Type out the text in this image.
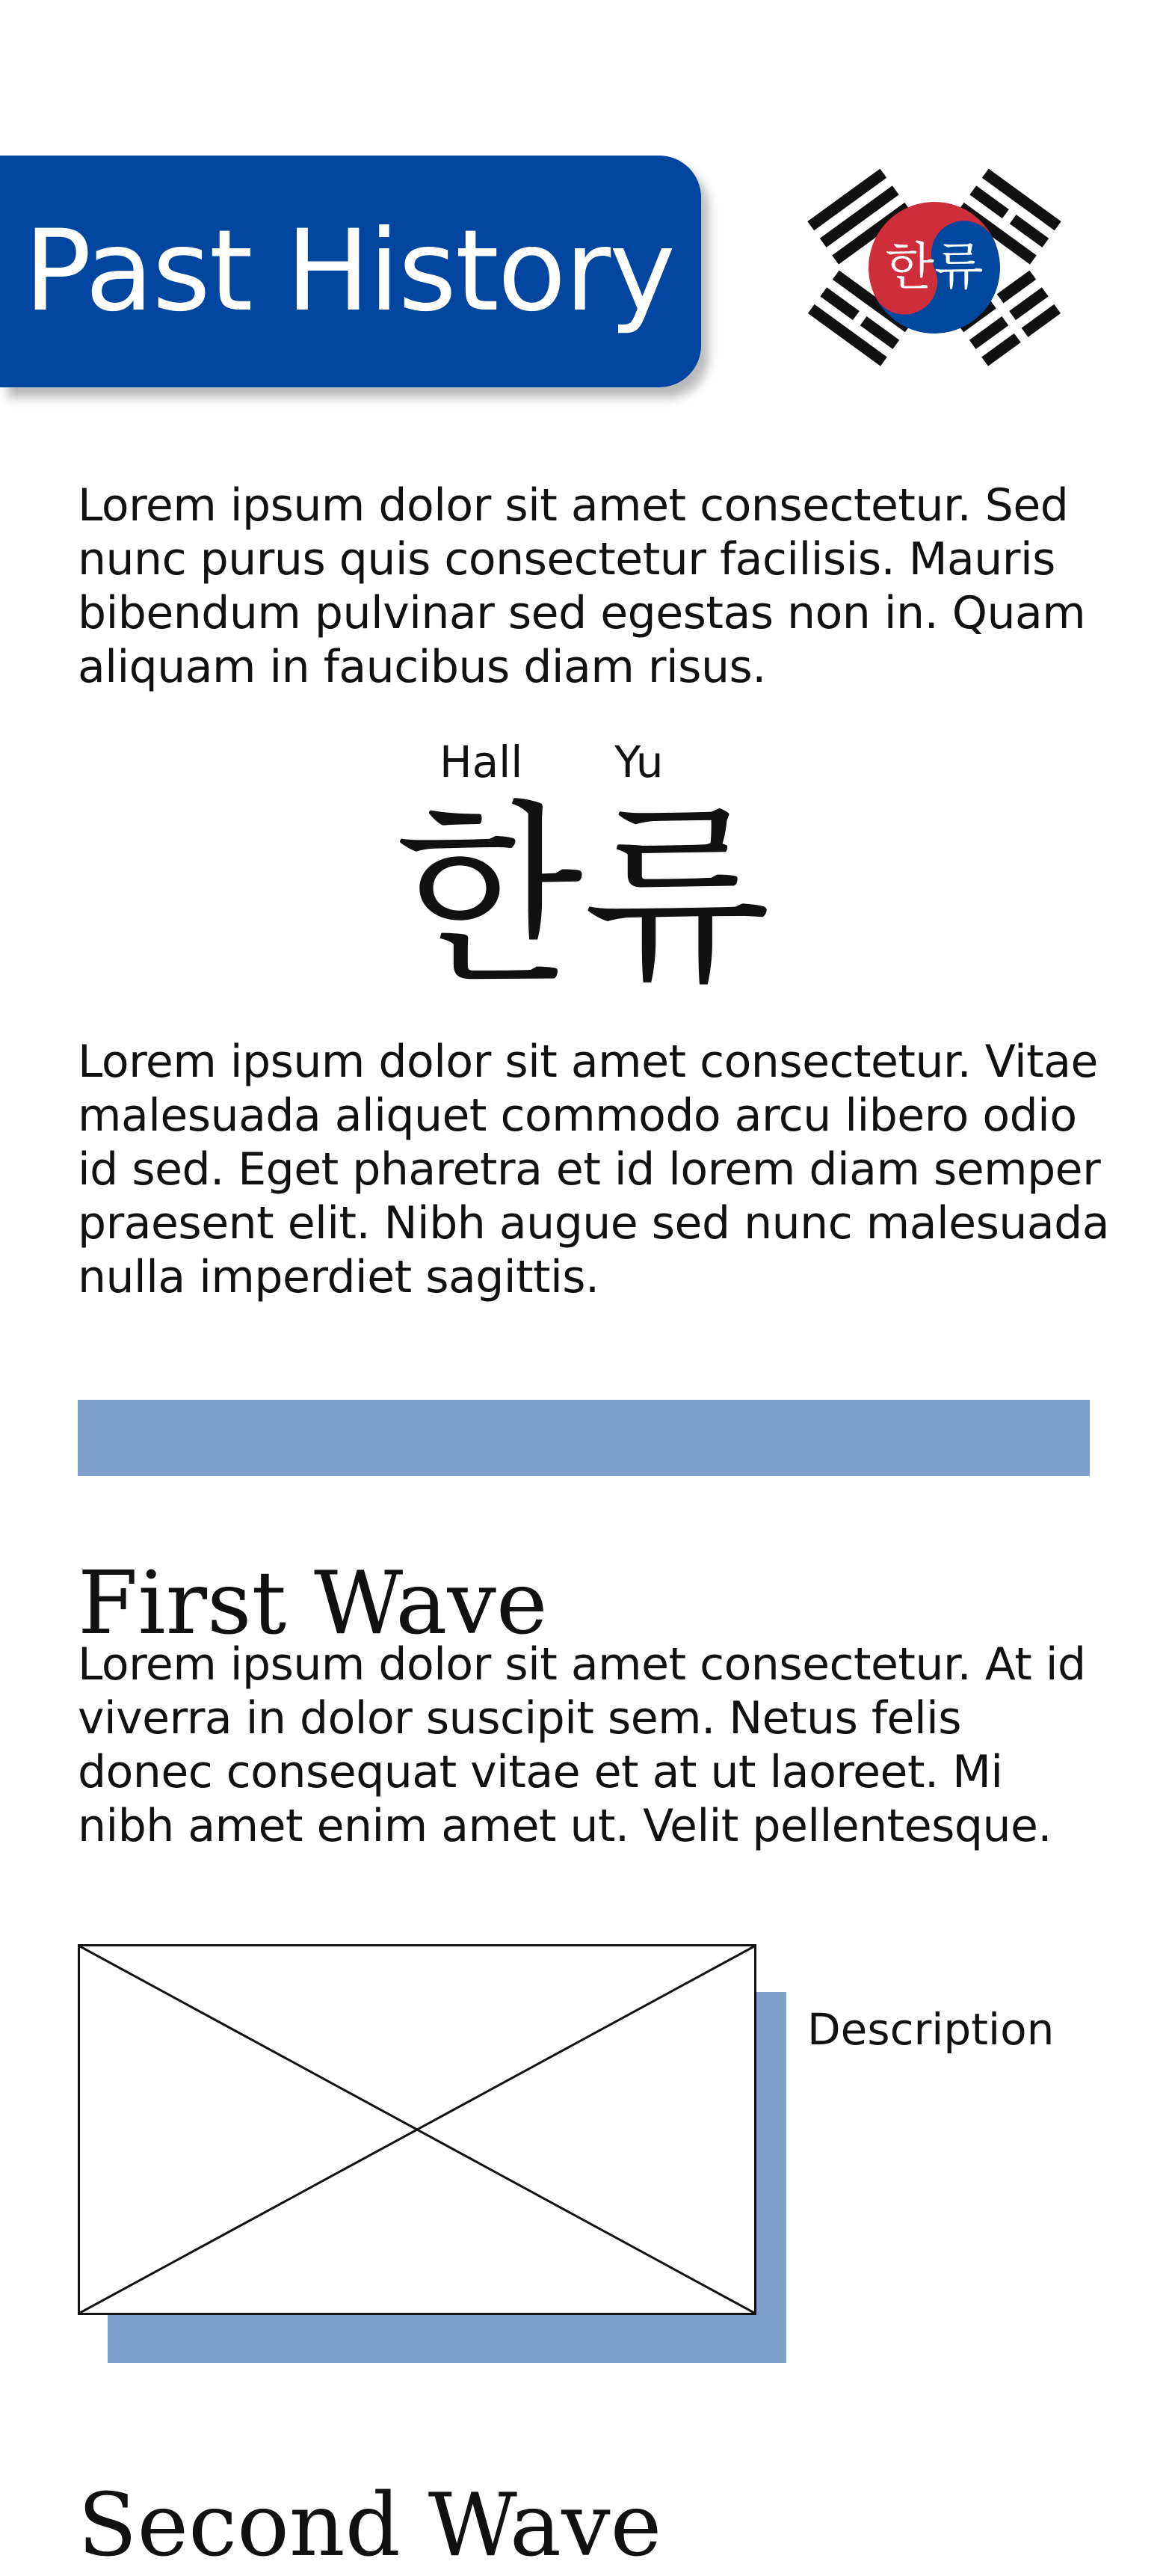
Past History	한류

Lorem ipsum dolor sit amet consectetur. Sed nunc purus quis consectetur facilisis. Mauris bibendum pulvinar sed egestas non in. Quam aliquam in faucibus diam risus.

Hall Yu
한류

Lorem ipsum dolor sit amet consectetur. Vitae malesuada aliquet commodo arcu libero odio id sed. Eget pharetra et id lorem diam semper praesent elit. Nibh augue sed nunc malesuada nulla imperdiet sagittis.

First Wave

Lorem ipsum dolor sit amet consectetur. At id viverra in dolor suscipit sem. Netus felis donec consequat vitae et at ut laoreet. Mi nibh amet enim amet ut. Velit pellentesque.

Description
Second Wave
